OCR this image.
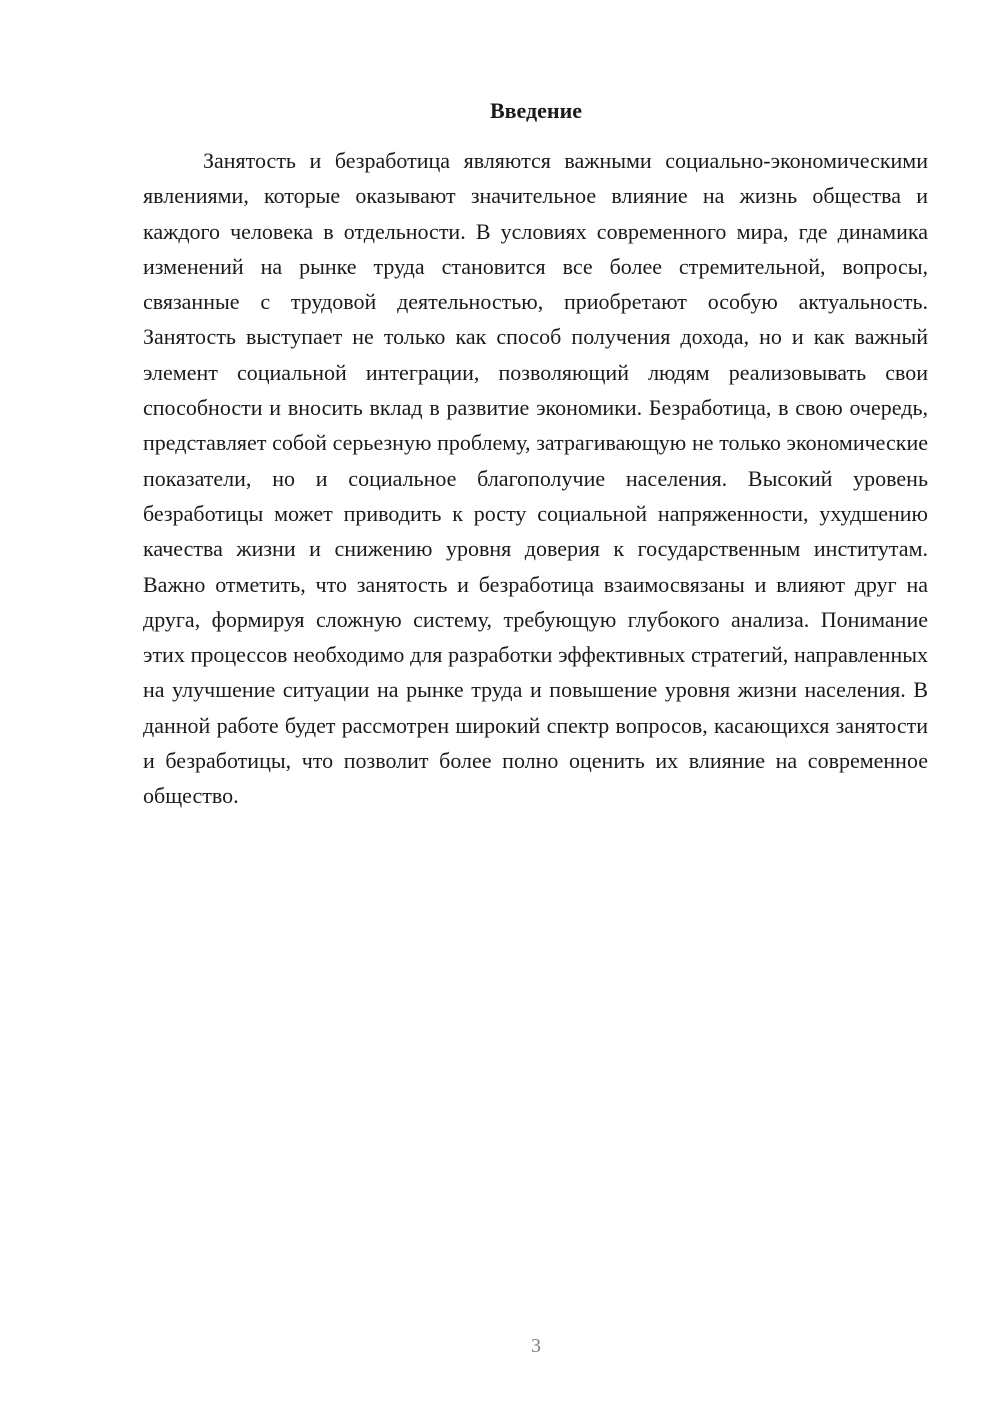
Введение

Занятость и безработица являются важными социально-экономическими явлениями, которые оказывают значительное влияние на жизнь общества и каждого человека в отдельности. В условиях современного мира, где динамика изменений на рынке труда становится все более стремительной, вопросы, связанные с трудовой деятельностью, приобретают особую актуальность. Занятость выступает не только как способ получения дохода, но и как важный элемент социальной интеграции, позволяющий людям реализовывать свои способности и вносить вклад в развитие экономики. Безработица, в свою очередь, представляет собой серьезную проблему, затрагивающую не только экономические показатели, но и социальное благополучие населения. Высокий уровень безработицы может приводить к росту социальной напряженности, ухудшению качества жизни и снижению уровня доверия к государственным институтам. Важно отметить, что занятость и безработица взаимосвязаны и влияют друг на друга, формируя сложную систему, требующую глубокого анализа. Понимание этих процессов необходимо для разработки эффективных стратегий, направленных на улучшение ситуации на рынке труда и повышение уровня жизни населения. В данной работе будет рассмотрен широкий спектр вопросов, касающихся занятости и безработицы, что позволит более полно оценить их влияние на современное общество.

3
